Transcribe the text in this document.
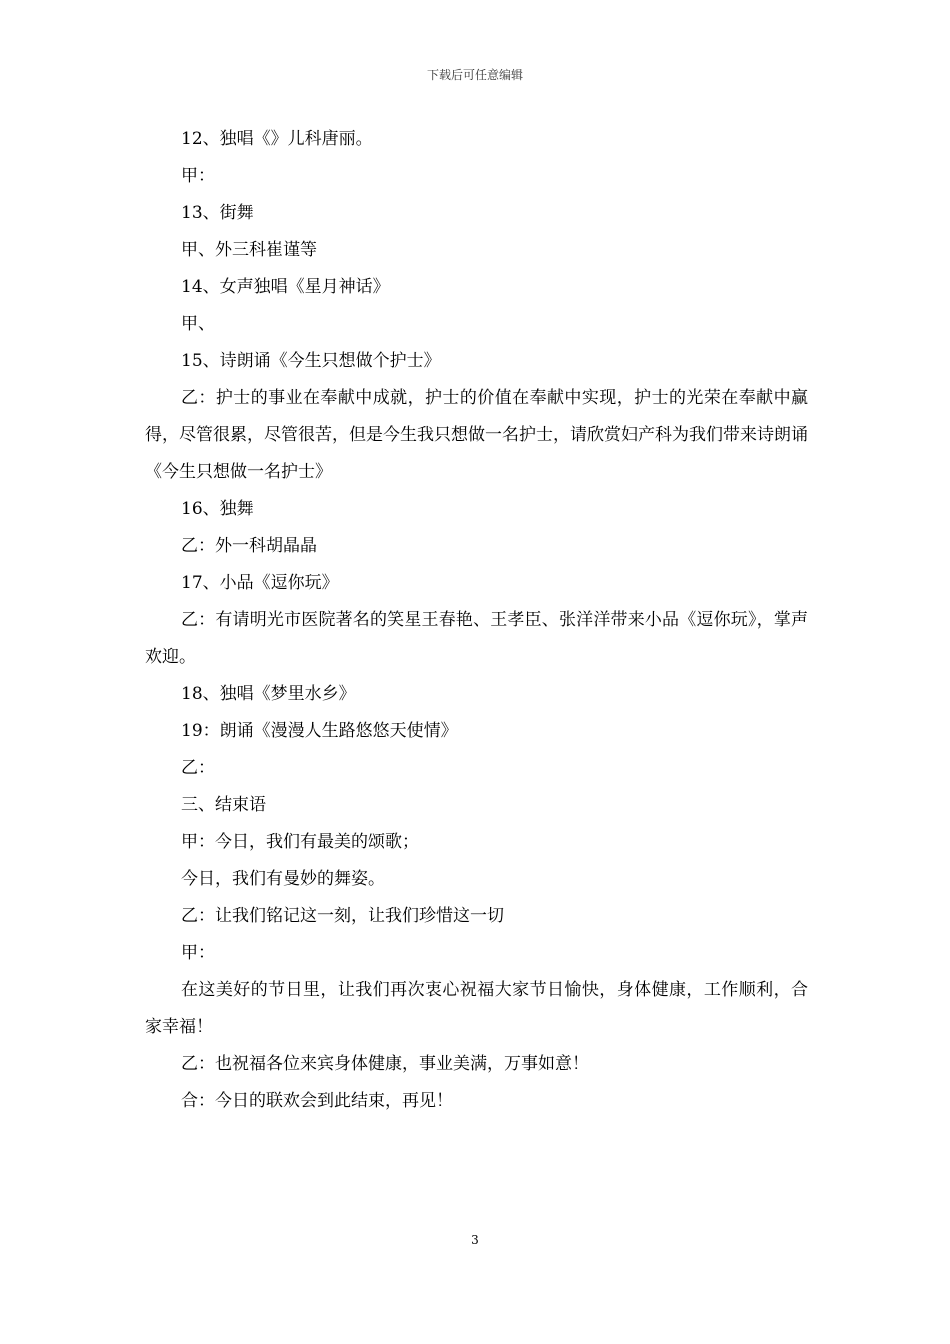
下载后可任意编辑

12、独唱《》儿科唐丽。

甲：

13、街舞

甲、外三科崔谨等

14、女声独唱《星月神话》

甲、

15、诗朗诵《今生只想做个护士》

乙：护士的事业在奉献中成就，护士的价值在奉献中实现，护士的光荣在奉献中赢得，尽管很累，尽管很苦，但是今生我只想做一名护士，请欣赏妇产科为我们带来诗朗诵《今生只想做一名护士》

16、独舞

乙：外一科胡晶晶

17、小品《逗你玩》

乙：有请明光市医院著名的笑星王春艳、王孝臣、张洋洋带来小品《逗你玩》，掌声欢迎。

18、独唱《梦里水乡》

19：朗诵《漫漫人生路悠悠天使情》

乙：

三、结束语

甲：今日，我们有最美的颂歌；

今日，我们有曼妙的舞姿。

乙：让我们铭记这一刻，让我们珍惜这一切

甲：

在这美好的节日里，让我们再次衷心祝福大家节日愉快，身体健康，工作顺利，合家幸福！

乙：也祝福各位来宾身体健康，事业美满，万事如意！

合：今日的联欢会到此结束，再见！

3
